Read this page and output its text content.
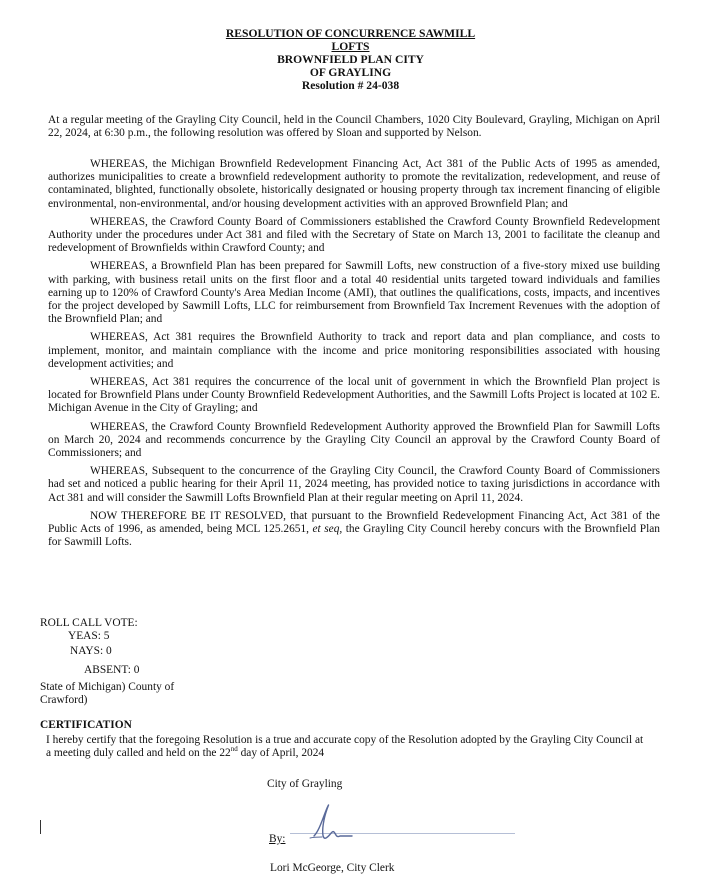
RESOLUTION OF CONCURRENCE SAWMILL
LOFTS
BROWNFIELD PLAN CITY
OF GRAYLING
Resolution # 24-038
At a regular meeting of the Grayling City Council, held in the Council Chambers, 1020 City Boulevard, Grayling, Michigan on April 22, 2024, at 6:30 p.m., the following resolution was offered by Sloan and supported by Nelson.

WHEREAS, the Michigan Brownfield Redevelopment Financing Act, Act 381 of the Public Acts of 1995 as amended, authorizes municipalities to create a brownfield redevelopment authority to promote the revitalization, redevelopment, and reuse of contaminated, blighted, functionally obsolete, historically designated or housing property through tax increment financing of eligible environmental, non-environmental, and/or housing development activities with an approved Brownfield Plan; and

WHEREAS, the Crawford County Board of Commissioners established the Crawford County Brownfield Redevelopment Authority under the procedures under Act 381 and filed with the Secretary of State on March 13, 2001 to facilitate the cleanup and redevelopment of Brownfields within Crawford County; and

WHEREAS, a Brownfield Plan has been prepared for Sawmill Lofts, new construction of a five-story mixed use building with parking, with business retail units on the first floor and a total 40 residential units targeted toward individuals and families earning up to 120% of Crawford County's Area Median Income (AMI), that outlines the qualifications, costs, impacts, and incentives for the project developed by Sawmill Lofts, LLC for reimbursement from Brownfield Tax Increment Revenues with the adoption of the Brownfield Plan; and

WHEREAS, Act 381 requires the Brownfield Authority to track and report data and plan compliance, and costs to implement, monitor, and maintain compliance with the income and price monitoring responsibilities associated with housing development activities; and

WHEREAS, Act 381 requires the concurrence of the local unit of government in which the Brownfield Plan project is located for Brownfield Plans under County Brownfield Redevelopment Authorities, and the Sawmill Lofts Project is located at 102 E. Michigan Avenue in the City of Grayling; and

WHEREAS, the Crawford County Brownfield Redevelopment Authority approved the Brownfield Plan for Sawmill Lofts on March 20, 2024 and recommends concurrence by the Grayling City Council an approval by the Crawford County Board of Commissioners; and

WHEREAS, Subsequent to the concurrence of the Grayling City Council, the Crawford County Board of Commissioners had set and noticed a public hearing for their April 11, 2024 meeting, has provided notice to taxing jurisdictions in accordance with Act 381 and will consider the Sawmill Lofts Brownfield Plan at their regular meeting on April 11, 2024.

NOW THEREFORE BE IT RESOLVED, that pursuant to the Brownfield Redevelopment Financing Act, Act 381 of the Public Acts of 1996, as amended, being MCL 125.2651, et seq, the Grayling City Council hereby concurs with the Brownfield Plan for Sawmill Lofts.

ROLL CALL VOTE:

YEAS: 5

NAYS: 0

ABSENT: 0

State of Michigan) County of Crawford)
CERTIFICATION
I hereby certify that the foregoing Resolution is a true and accurate copy of the Resolution adopted by the Grayling City Council at a meeting duly called and held on the 22nd day of April, 2024
City of Grayling
By:
Lori McGeorge, City Clerk
